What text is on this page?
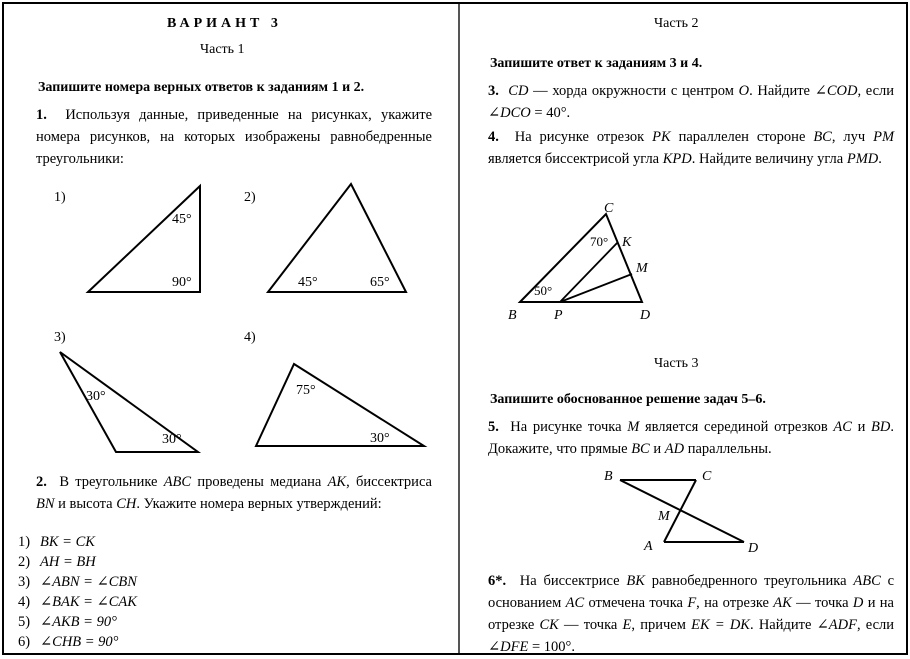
ВАРИАНТ 3
Часть 1
Запишите номера верных ответов к заданиям 1 и 2.

1. Используя данные, приведенные на рисунках, укажите номера рисунков, на которых изображены равнобедренные треугольники:

1)
45°
90°
2)
45°	65°
3)
30°
30°
4)
75°
30°

2. В треугольнике ABC проведены медиана AK, биссектриса BN и высота CH. Укажите номера верных утверждений:

1) BK = CK
2) AH = BH
3) ∠ABN = ∠CBN
4) ∠BAK = ∠CAK
5) ∠AKB = 90°
6) ∠CHB = 90°
Часть 2
Запишите ответ к заданиям 3 и 4.

3. CD — хорда окружности с центром O. Найдите ∠COD, если ∠DCO = 40°.

4. На рисунке отрезок PK параллелен стороне BC, луч PM является биссектрисой угла KPD. Найдите величину угла PMD.

C
K
M
B	P	D
70°
50°
Часть 3
Запишите обоснованное решение задач 5–6.

5. На рисунке точка M является серединой отрезков AC и BD. Докажите, что прямые BC и AD параллельны.

B	C
M
A	D

6*. На биссектрисе BK равнобедренного треугольника ABC с основанием AC отмечена точка F, на отрезке AK — точка D и на отрезке CK — точка E, причем EK = DK. Найдите ∠ADF, если ∠DFE = 100°.
